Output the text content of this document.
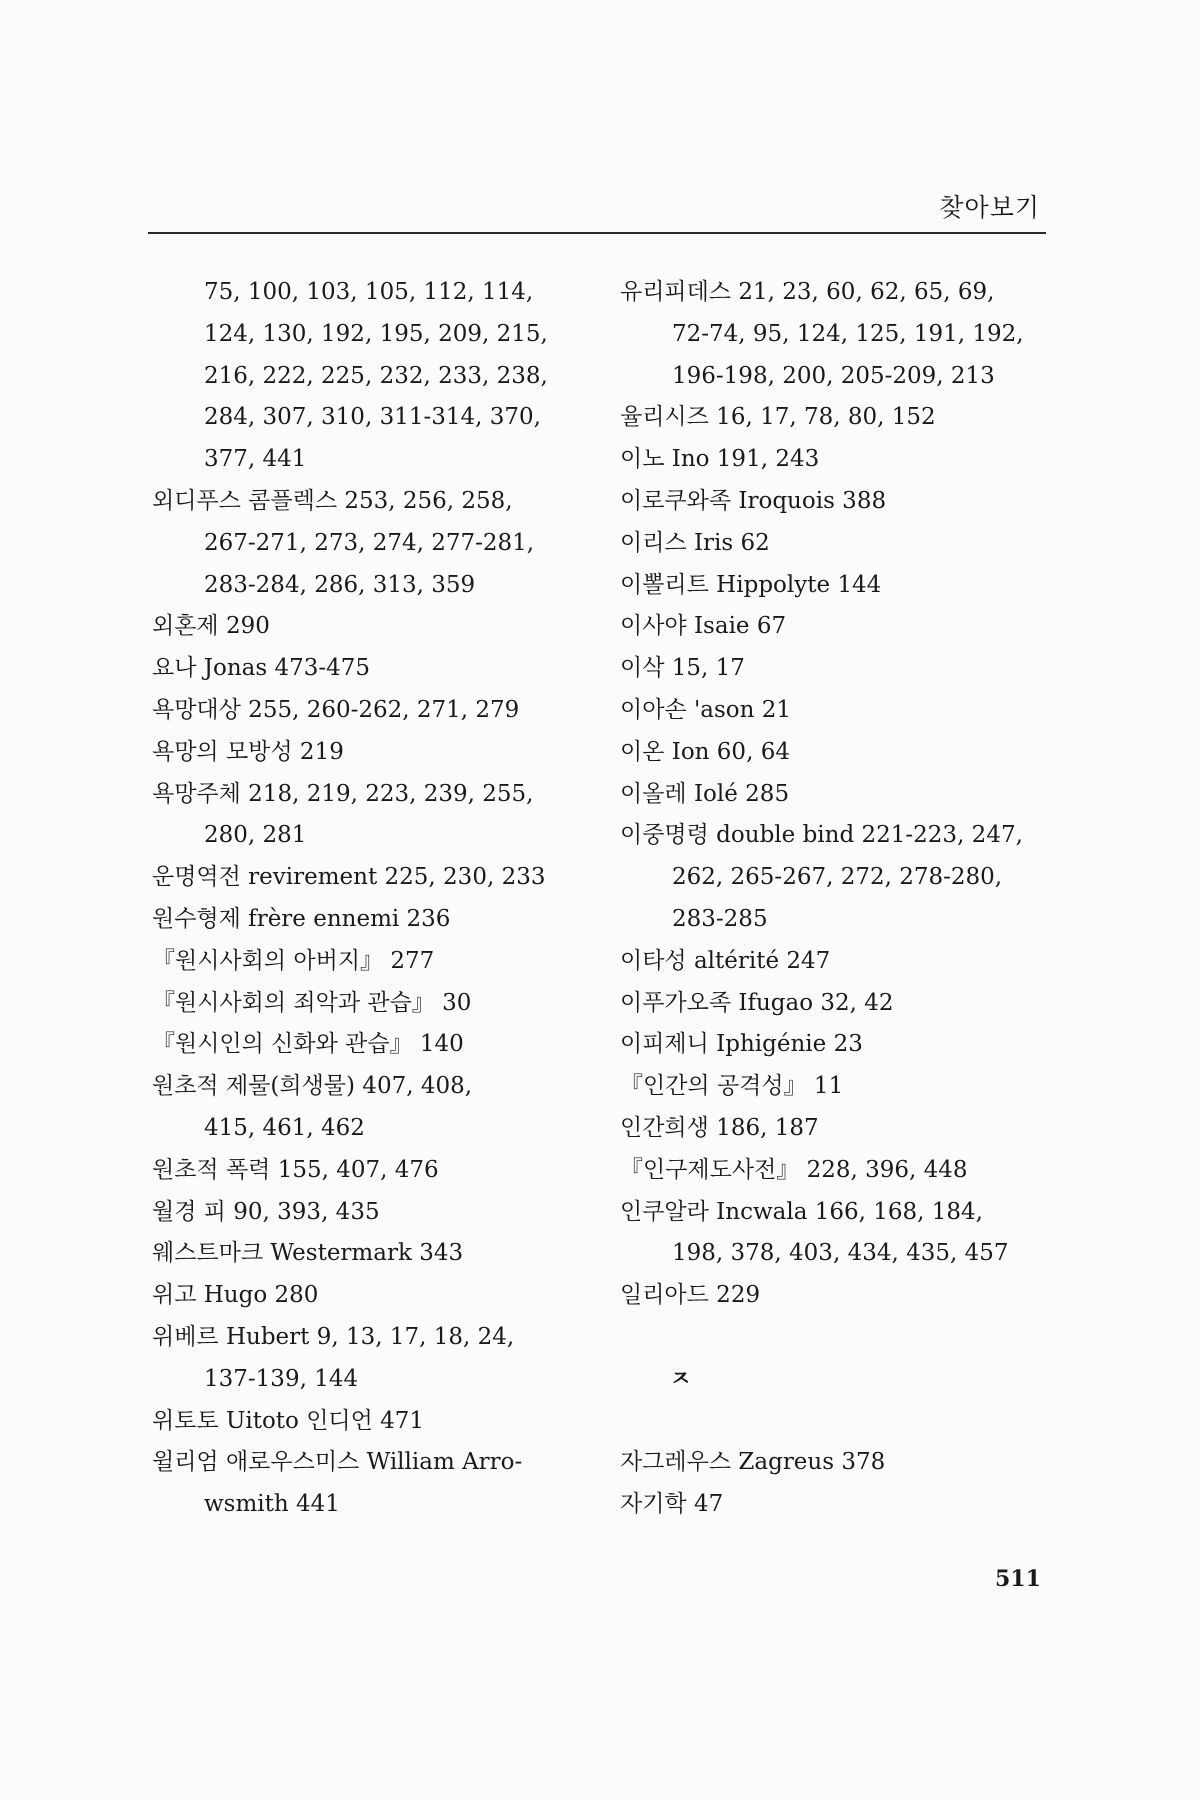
찾아보기
75, 100, 103, 105, 112, 114,
124, 130, 192, 195, 209, 215,
216, 222, 225, 232, 233, 238,
284, 307, 310, 311-314, 370,
377, 441
외디푸스 콤플렉스 253, 256, 258,
267-271, 273, 274, 277-281,
283-284, 286, 313, 359
외혼제 290
요나 Jonas 473-475
욕망대상 255, 260-262, 271, 279
욕망의 모방성 219
욕망주체 218, 219, 223, 239, 255,
280, 281
운명역전 revirement 225, 230, 233
원수형제 frère ennemi 236
『원시사회의 아버지』 277
『원시사회의 죄악과 관습』 30
『원시인의 신화와 관습』 140
원초적 제물(희생물) 407, 408,
415, 461, 462
원초적 폭력 155, 407, 476
월경 피 90, 393, 435
웨스트마크 Westermark 343
위고 Hugo 280
위베르 Hubert 9, 13, 17, 18, 24,
137-139, 144
위토토 Uitoto 인디언 471
윌리엄 애로우스미스 William Arro-
wsmith 441
유리피데스 21, 23, 60, 62, 65, 69,
72-74, 95, 124, 125, 191, 192,
196-198, 200, 205-209, 213
율리시즈 16, 17, 78, 80, 152
이노 Ino 191, 243
이로쿠와족 Iroquois 388
이리스 Iris 62
이뽈리트 Hippolyte 144
이사야 Isaie 67
이삭 15, 17
이아손 'ason 21
이온 Ion 60, 64
이올레 Iolé 285
이중명령 double bind 221-223, 247,
262, 265-267, 272, 278-280,
283-285
이타성 altérité 247
이푸가오족 Ifugao 32, 42
이피제니 Iphigénie 23
『인간의 공격성』 11
인간희생 186, 187
『인구제도사전』 228, 396, 448
인쿠알라 Incwala 166, 168, 184,
198, 378, 403, 434, 435, 457
일리아드 229
ㅈ
자그레우스 Zagreus 378
자기학 47
511
